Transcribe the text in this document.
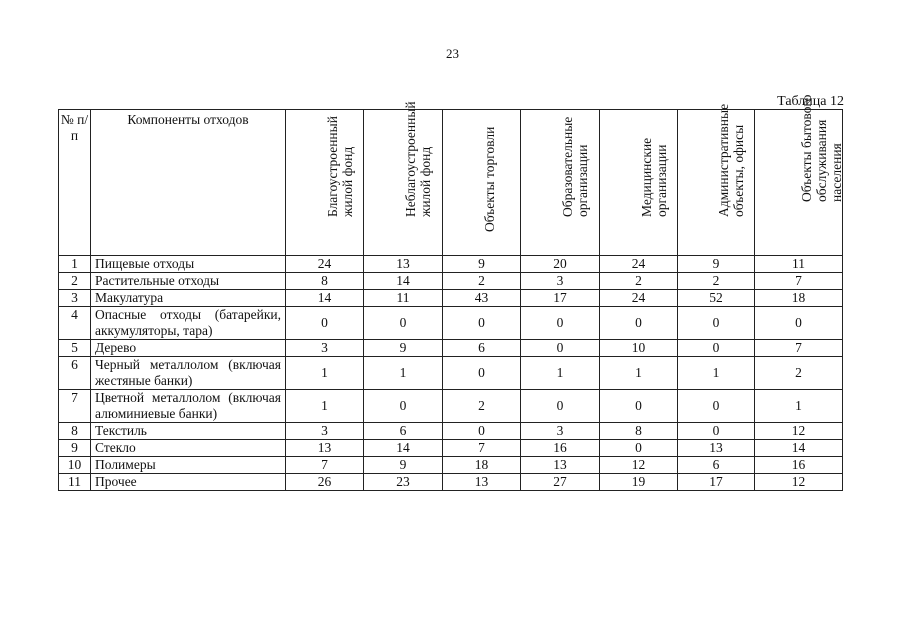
23
Таблица 12
№ п/п	Компоненты отходов	Благоустроенный жилой фонд	Неблагоустроенный жилой фонд	Объекты торговли	Образовательные организации	Медицинские организации	Административные объекты, офисы	Объекты бытового обслуживания населения

1	Пищевые отходы	24	13	9	20	24	9	11
2	Растительные отходы	8	14	2	3	2	2	7
3	Макулатура	14	11	43	17	24	52	18
4	Опасные отходы (батарейки, аккумуляторы, тара)	0	0	0	0	0	0	0
5	Дерево	3	9	6	0	10	0	7
6	Черный металлолом (включая жестяные банки)	1	1	0	1	1	1	2
7	Цветной металлолом (включая алюминиевые банки)	1	0	2	0	0	0	1
8	Текстиль	3	6	0	3	8	0	12
9	Стекло	13	14	7	16	0	13	14
10	Полимеры	7	9	18	13	12	6	16
11	Прочее	26	23	13	27	19	17	12
